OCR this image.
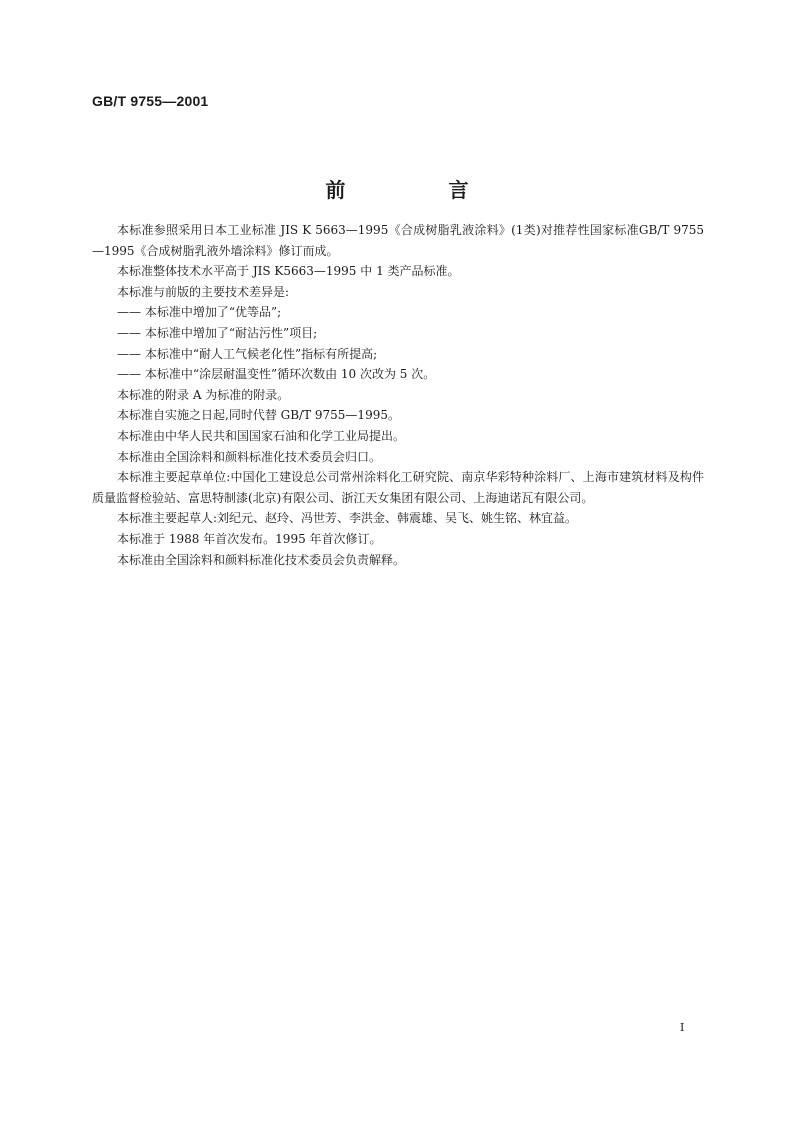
GB/T 9755—2001
前 言

本标准参照采用日本工业标准 JIS K 5663—1995《合成树脂乳液涂料》(1类)对推荐性国家标准GB/T 9755—1995《合成树脂乳液外墙涂料》修订而成。

本标准整体技术水平高于 JIS K5663—1995 中 1 类产品标准。

本标准与前版的主要技术差异是:

—— 本标准中增加了“优等品”;

—— 本标准中增加了“耐沾污性”项目;

—— 本标准中“耐人工气候老化性”指标有所提高;

—— 本标准中“涂层耐温变性”循环次数由 10 次改为 5 次。

本标准的附录 A 为标准的附录。

本标准自实施之日起,同时代替 GB/T 9755—1995。

本标准由中华人民共和国国家石油和化学工业局提出。

本标准由全国涂料和颜料标准化技术委员会归口。

本标准主要起草单位:中国化工建设总公司常州涂料化工研究院、南京华彩特种涂料厂、上海市建筑材料及构件质量监督检验站、富思特制漆(北京)有限公司、浙江天女集团有限公司、上海迪诺瓦有限公司。

本标准主要起草人:刘纪元、赵玲、冯世芳、李洪金、韩震雄、吴飞、姚生铭、林宜益。

本标准于 1988 年首次发布。1995 年首次修订。

本标准由全国涂料和颜料标准化技术委员会负责解释。

I
